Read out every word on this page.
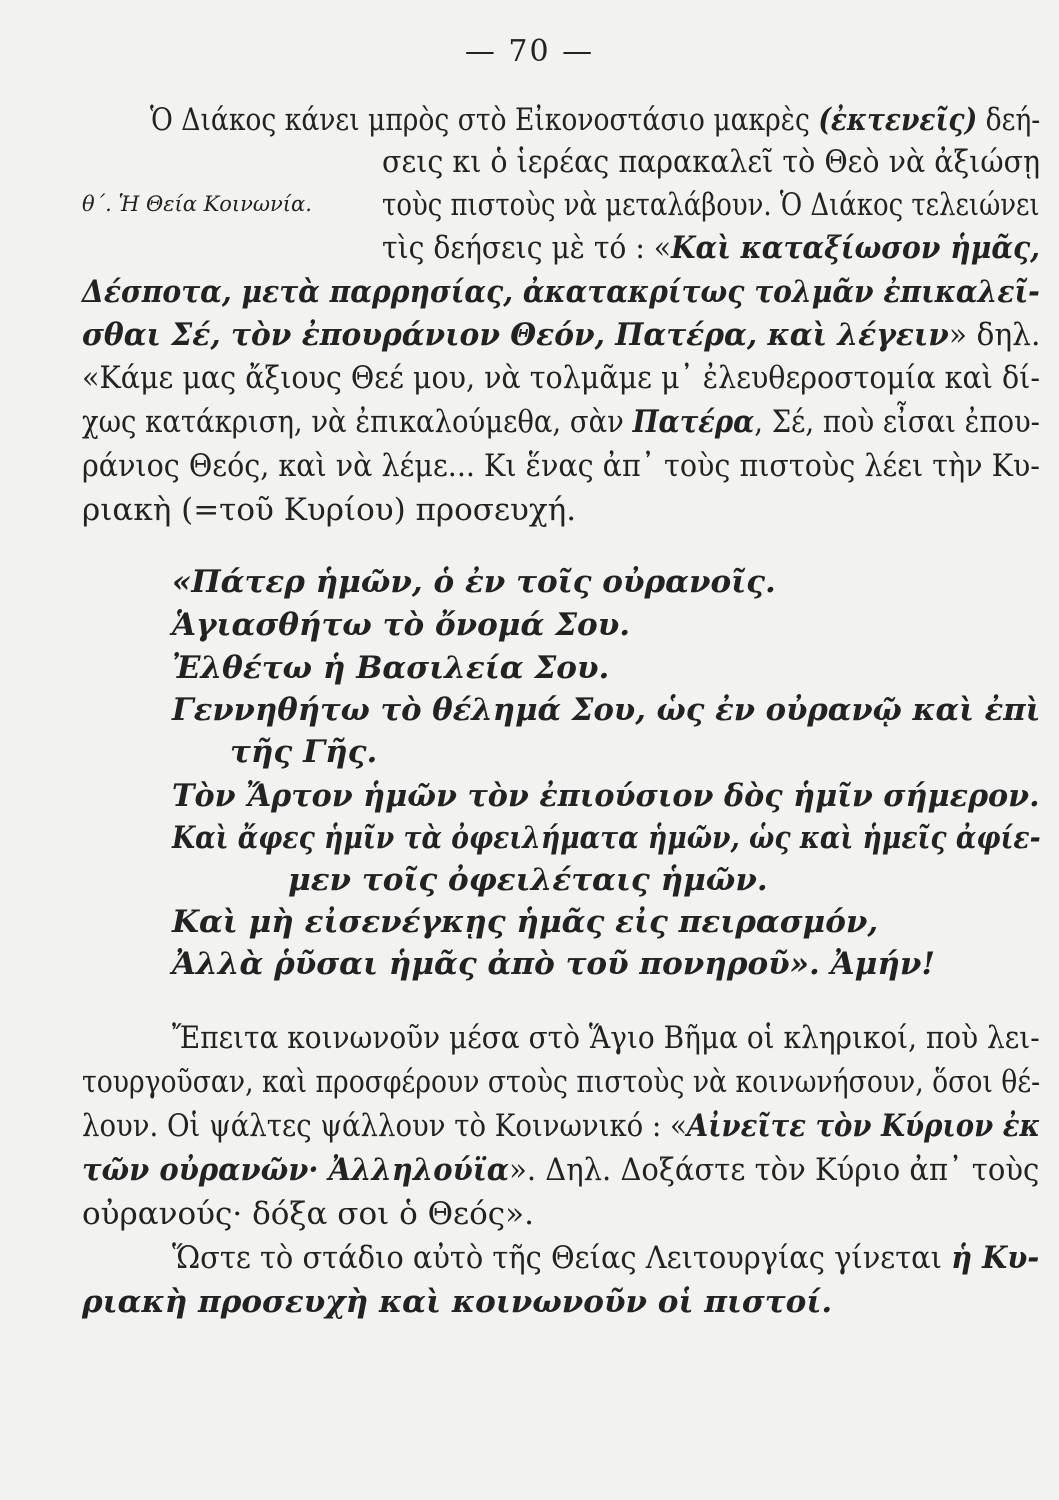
— 70 —
Ὁ Διάκος κάνει μπρὸς στὸ Εἰκονοστάσιο μακρὲς (ἐκτενεῖς) δεή-
σεις κι ὁ ἱερέας παρακαλεῖ τὸ Θεὸ νὰ ἀξιώσῃ
θ΄. Ἡ Θεία Κοινωνία. τοὺς πιστοὺς νὰ μεταλάβουν. Ὁ Διάκος τελειώνει
τὶς δεήσεις μὲ τό : «Καὶ καταξίωσον ἡμᾶς,
Δέσποτα, μετὰ παρρησίας, ἀκατακρίτως τολμᾶν ἐπικαλεῖ-
σθαι Σέ, τὸν ἐπουράνιον Θεόν, Πατέρα, καὶ λέγειν» δηλ.
«Κάμε μας ἄξιους Θεέ μου, νὰ τολμᾶμε μ᾽ ἐλευθεροστομία καὶ δί-
χως κατάκριση, νὰ ἐπικαλούμεθα, σὰν Πατέρα, Σέ, ποὺ εἶσαι ἐπου-
ράνιος Θεός, καὶ νὰ λέμε... Κι ἕνας ἀπ᾽ τοὺς πιστοὺς λέει τὴν Κυ-
ριακὴ (=τοῦ Κυρίου) προσευχή.
«Πάτερ ἡμῶν, ὁ ἐν τοῖς οὐρανοῖς.
Ἁγιασθήτω τὸ ὄνομά Σου.
Ἐλθέτω ἡ Βασιλεία Σου.
Γεννηθήτω τὸ θέλημά Σου, ὡς ἐν οὐρανῷ καὶ ἐπὶ
τῆς Γῆς.
Τὸν Ἄρτον ἡμῶν τὸν ἐπιούσιον δὸς ἡμῖν σήμερον.
Καὶ ἄφες ἡμῖν τὰ ὀφειλήματα ἡμῶν, ὡς καὶ ἡμεῖς ἀφίε-
μεν τοῖς ὀφειλέταις ἡμῶν.
Καὶ μὴ εἰσενέγκῃς ἡμᾶς εἰς πειρασμόν,
Ἀλλὰ ῥῦσαι ἡμᾶς ἀπὸ τοῦ πονηροῦ». Ἀμήν!
Ἔπειτα κοινωνοῦν μέσα στὸ Ἅγιο Βῆμα οἱ κληρικοί, ποὺ λει-
τουργοῦσαν, καὶ προσφέρουν στοὺς πιστοὺς νὰ κοινωνήσουν, ὅσοι θέ-
λουν. Οἱ ψάλτες ψάλλουν τὸ Κοινωνικό : «Αἰνεῖτε τὸν Κύριον ἐκ
τῶν οὐρανῶν· Ἀλληλούϊα». Δηλ. Δοξάστε τὸν Κύριο ἀπ᾽ τοὺς
οὐρανούς· δόξα σοι ὁ Θεός».
Ὥστε τὸ στάδιο αὐτὸ τῆς Θείας Λειτουργίας γίνεται ἡ Κυ-
ριακὴ προσευχὴ καὶ κοινωνοῦν οἱ πιστοί.
